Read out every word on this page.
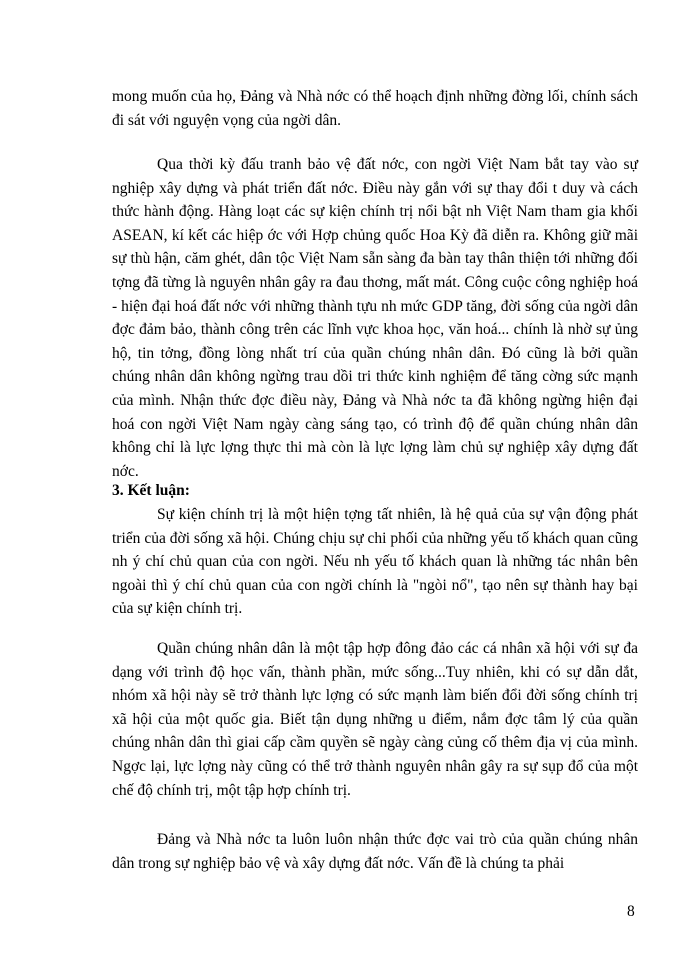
mong muốn của họ, Đảng và Nhà nớc có thể hoạch định những đờng lối, chính sách đi sát với nguyện vọng của ngời dân.

Qua thời kỳ đấu tranh bảo vệ đất nớc, con ngời Việt Nam bắt tay vào sự nghiệp xây dựng và phát triển đất nớc. Điều này gắn với sự thay đổi t duy và cách thức hành động. Hàng loạt các sự kiện chính trị nổi bật nh Việt Nam tham gia khối ASEAN, kí kết các hiệp ớc với Hợp chủng quốc Hoa Kỳ đã diễn ra. Không giữ mãi sự thù hận, căm ghét, dân tộc Việt Nam sẵn sàng đa bàn tay thân thiện tới những đối tợng đã từng là nguyên nhân gây ra đau thơng, mất mát. Công cuộc công nghiệp hoá - hiện đại hoá đất nớc với những thành tựu nh mức GDP tăng, đời sống của ngời dân đợc đảm bảo, thành công trên các lĩnh vực khoa học, văn hoá... chính là nhờ sự ủng hộ, tin tởng, đồng lòng nhất trí của quần chúng nhân dân. Đó cũng là bởi quần chúng nhân dân không ngừng trau dồi tri thức kinh nghiệm để tăng cờng sức mạnh của mình. Nhận thức đợc điều này, Đảng và Nhà nớc ta đã không ngừng hiện đại hoá con ngời Việt Nam ngày càng sáng tạo, có trình độ để quần chúng nhân dân không chỉ là lực lợng thực thi mà còn là lực lợng làm chủ sự nghiệp xây dựng đất nớc.

3. Kết luận:

Sự kiện chính trị là một hiện tợng tất nhiên, là hệ quả của sự vận động phát triển của đời sống xã hội. Chúng chịu sự chi phối của những yếu tố khách quan cũng nh ý chí chủ quan của con ngời. Nếu nh yếu tố khách quan là những tác nhân bên ngoài thì ý chí chủ quan của con ngời chính là "ngòi nổ", tạo nên sự thành hay bại của sự kiện chính trị.

Quần chúng nhân dân là một tập hợp đông đảo các cá nhân xã hội với sự đa dạng với trình độ học vấn, thành phần, mức sống...Tuy nhiên, khi có sự dẫn dắt, nhóm xã hội này sẽ trở thành lực lợng có sức mạnh làm biến đổi đời sống chính trị xã hội của một quốc gia. Biết tận dụng những u điểm, nắm đợc tâm lý của quần chúng nhân dân thì giai cấp cầm quyền sẽ ngày càng củng cố thêm địa vị của mình. Ngợc lại, lực lợng này cũng có thể trở thành nguyên nhân gây ra sự sụp đổ của một chế độ chính trị, một tập hợp chính trị.

Đảng và Nhà nớc ta luôn luôn nhận thức đợc vai trò của quần chúng nhân dân trong sự nghiệp bảo vệ và xây dựng đất nớc. Vấn đề là chúng ta phải

8
